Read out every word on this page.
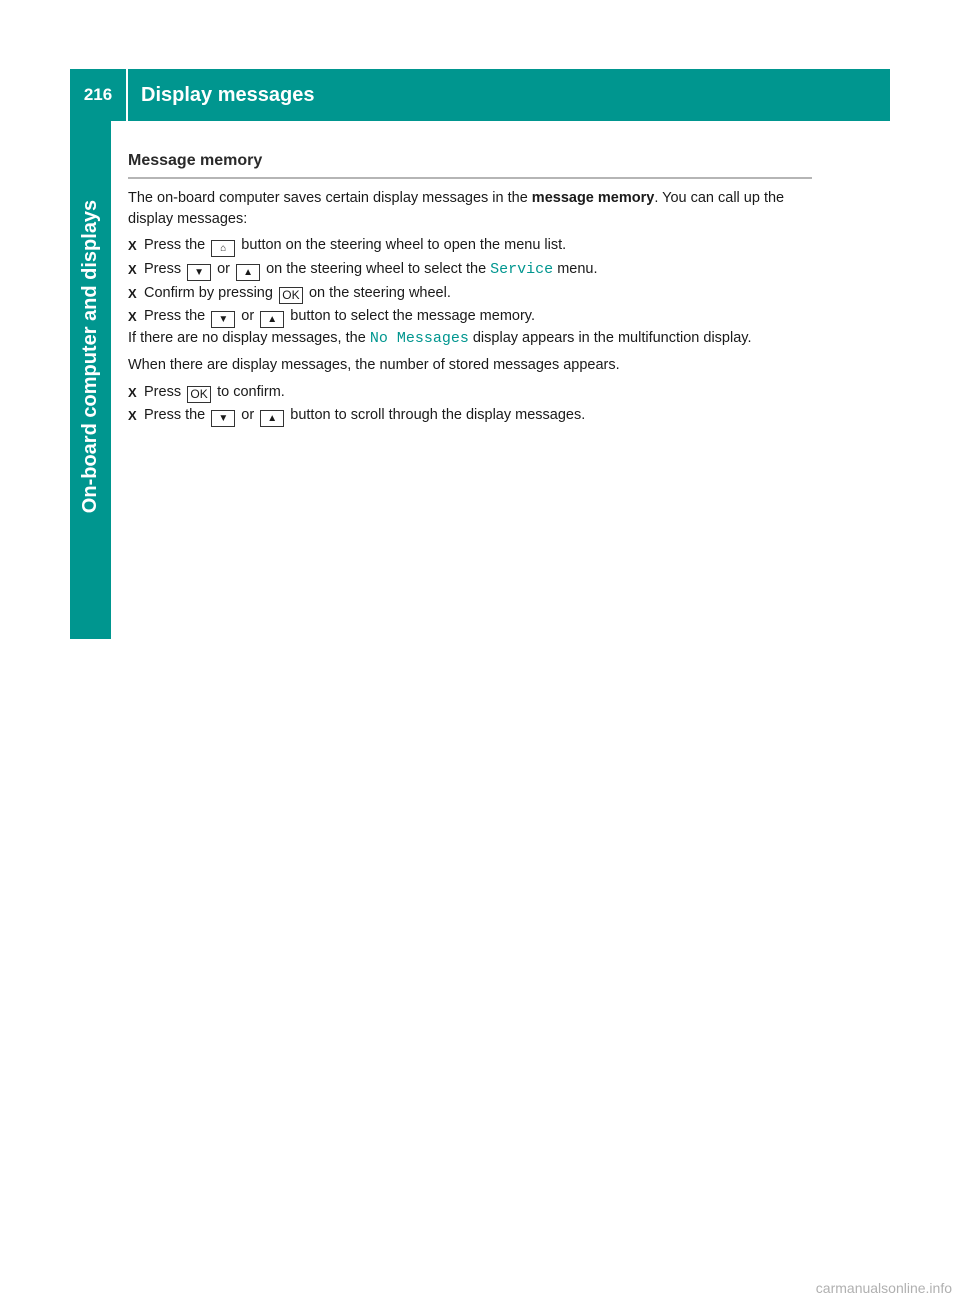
216	Display messages
On-board computer and displays
Message memory

The on-board computer saves certain display messages in the message memory. You can call up the display messages:

X Press the ⌂ button on the steering wheel to open the menu list.
X Press ▼ or ▲ on the steering wheel to select the Service menu.
X Confirm by pressing OK on the steering wheel.
X Press the ▼ or ▲ button to select the message memory.
If there are no display messages, the No Messages display appears in the multifunction display.
When there are display messages, the number of stored messages appears.
X Press OK to confirm.
X Press the ▼ or ▲ button to scroll through the display messages.
carmanualsonline.info
